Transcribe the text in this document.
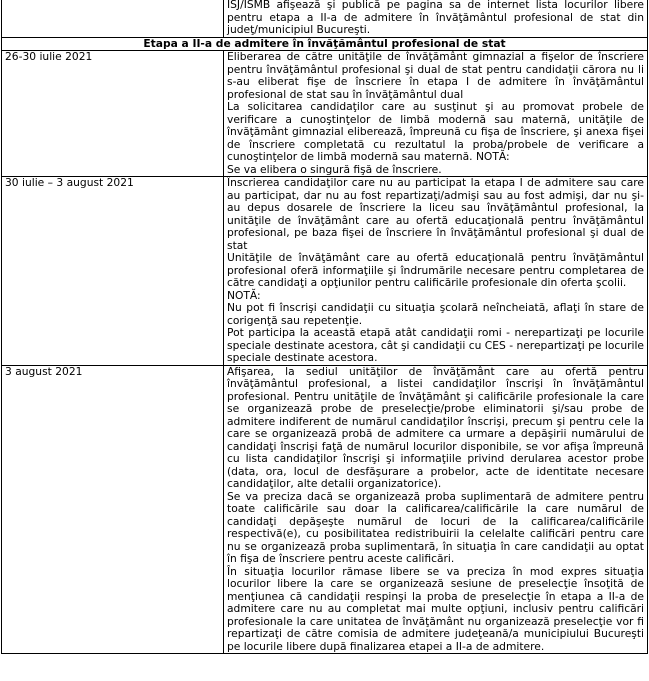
	ISJ/ISMB afişează şi publică pe pagina sa de internet lista locurilor libere pentru etapa a II-a de admitere în învăţământul profesional de stat din judeţ/municipiul Bucureşti.

Etapa a II-a de admitere în învăţământul profesional de stat	
26-30 iulie 2021	Eliberarea de către unităţile de învăţământ gimnazial a fişelor de înscriere pentru învăţământul profesional şi dual de stat pentru candidaţii cărora nu li s-au eliberat fişe de înscriere în etapa I de admitere în învăţământul profesional de stat sau în învăţământul dual

La solicitarea candidaţilor care au susţinut şi au promovat probele de verificare a cunoştinţelor de limbă modernă sau maternă, unităţile de învăţământ gimnazial eliberează, împreună cu fişa de înscriere, şi anexa fişei de înscriere completată cu rezultatul la proba/probele de verificare a cunoştinţelor de limbă modernă sau maternă. NOTĂ:

Se va elibera o singură fişă de înscriere.

30 iulie – 3 august 2021	Înscrierea candidaţilor care nu au participat la etapa I de admitere sau care au participat, dar nu au fost repartizaţi/admişi sau au fost admişi, dar nu şi-au depus dosarele de înscriere la liceu sau învăţământul profesional, la unităţile de învăţământ care au ofertă educaţională pentru învăţământul profesional, pe baza fişei de înscriere în învăţământul profesional şi dual de stat

Unităţile de învăţământ care au ofertă educaţională pentru învăţământul profesional oferă informaţiile şi îndrumările necesare pentru completarea de către candidaţi a opţiunilor pentru calificările profesionale din oferta şcolii.

NOTĂ:

Nu pot fi înscrişi candidaţii cu situaţia şcolară neîncheiată, aflaţi în stare de corigenţă sau repetenţie.

Pot participa la această etapă atât candidaţii romi - nerepartizaţi pe locurile speciale destinate acestora, cât şi candidaţii cu CES - nerepartizaţi pe locurile speciale destinate acestora.

3 august 2021	Afişarea, la sediul unităţilor de învăţământ care au ofertă pentru învăţământul profesional, a listei candidaţilor înscrişi în învăţământul profesional. Pentru unităţile de învăţământ şi calificările profesionale la care se organizează probe de preselecţie/probe eliminatorii şi/sau probe de admitere indiferent de numărul candidaţilor înscrişi, precum şi pentru cele la care se organizează probă de admitere ca urmare a depăşirii numărului de candidaţi înscrişi faţă de numărul locurilor disponibile, se vor afişa împreună cu lista candidaţilor înscrişi şi informaţiile privind derularea acestor probe (data, ora, locul de desfăşurare a probelor, acte de identitate necesare candidaţilor, alte detalii organizatorice).

Se va preciza dacă se organizează proba suplimentară de admitere pentru toate calificările sau doar la calificarea/calificările la care numărul de candidaţi depăşeşte numărul de locuri de la calificarea/calificările respectivă(e), cu posibilitatea redistribuirii la celelalte calificări pentru care nu se organizează proba suplimentară, în situaţia în care candidaţii au optat în fişa de înscriere pentru aceste calificări.

În situaţia locurilor rămase libere se va preciza în mod expres situaţia locurilor libere la care se organizează sesiune de preselecţie însoţită de menţiunea că candidaţii respinşi la proba de preselecţie în etapa a II-a de admitere care nu au completat mai multe opţiuni, inclusiv pentru calificări profesionale la care unitatea de învăţământ nu organizează preselecţie vor fi repartizaţi de către comisia de admitere judeţeană/a municipiului Bucureşti pe locurile libere după finalizarea etapei a II-a de admitere.
